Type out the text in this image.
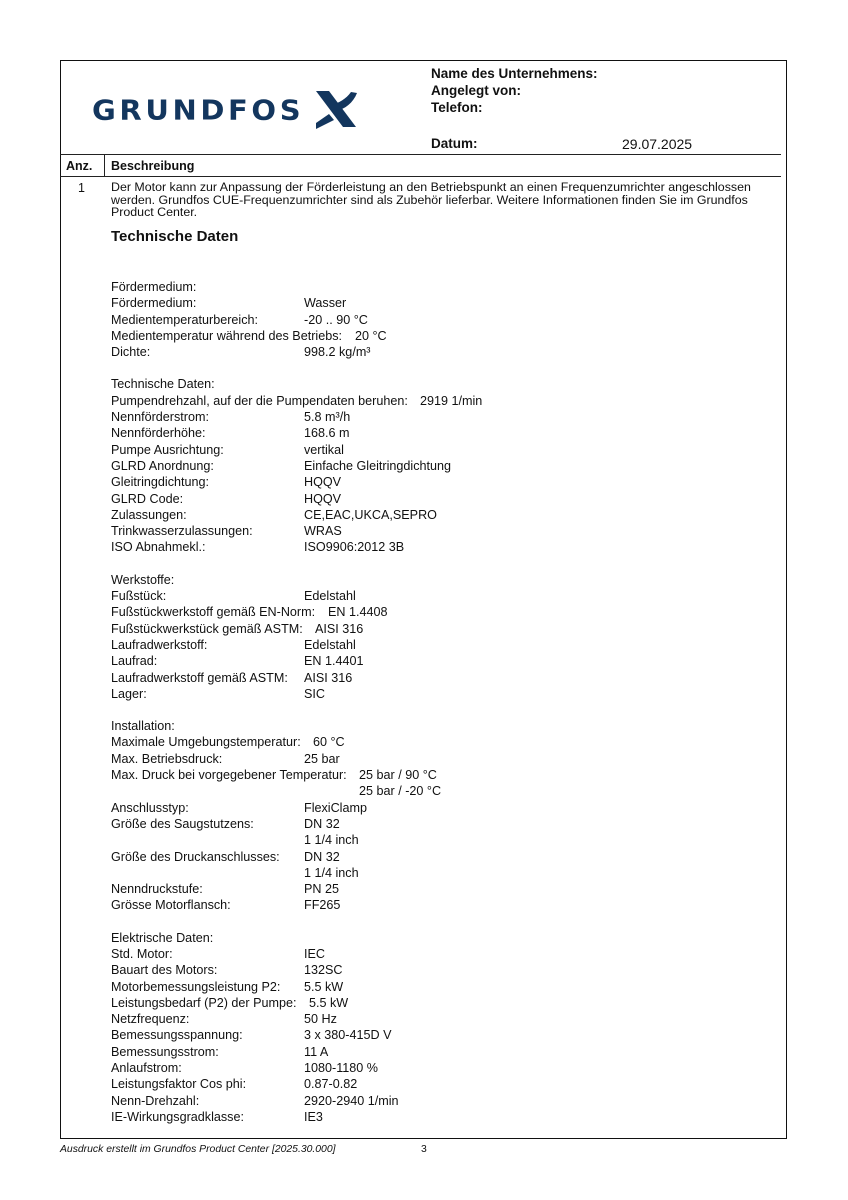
GRUNDFOS
Name des Unternehmens:
Angelegt von:
Telefon:
Datum:	29.07.2025
Anz. Beschreibung
1 Der Motor kann zur Anpassung der Förderleistung an den Betriebspunkt an einen Frequenzumrichter angeschlossen werden. Grundfos CUE-Frequenzumrichter sind als Zubehör lieferbar. Weitere Informationen finden Sie im Grundfos Product Center.
Technische Daten
Fördermedium:
Fördermedium:	Wasser
Medientemperaturbereich:	-20 .. 90 °C
Medientemperatur während des Betriebs: 20 °C
Dichte:	998.2 kg/m³
Technische Daten:
Pumpendrehzahl, auf der die Pumpendaten beruhen: 2919 1/min
Nennförderstrom:	5.8 m³/h
Nennförderhöhe:	168.6 m
Pumpe Ausrichtung:	vertikal
GLRD Anordnung:	Einfache Gleitringdichtung
Gleitringdichtung:	HQQV
GLRD Code:	HQQV
Zulassungen:	CE,EAC,UKCA,SEPRO
Trinkwasserzulassungen:	WRAS
ISO Abnahmekl.:	ISO9906:2012 3B
Werkstoffe:
Fußstück:	Edelstahl
Fußstückwerkstoff gemäß EN-Norm: EN 1.4408
Fußstückwerkstück gemäß ASTM: AISI 316
Laufradwerkstoff:	Edelstahl
Laufrad:	EN 1.4401
Laufradwerkstoff gemäß ASTM: AISI 316
Lager:	SIC
Installation:
Maximale Umgebungstemperatur: 60 °C
Max. Betriebsdruck:	25 bar
Max. Druck bei vorgegebener Temperatur: 25 bar / 90 °C
25 bar / -20 °C
Anschlusstyp:	FlexiClamp
Größe des Saugstutzens:	DN 32
1 1/4 inch
Größe des Druckanschlusses: DN 32
1 1/4 inch
Nenndruckstufe:	PN 25
Grösse Motorflansch:	FF265
Elektrische Daten:
Std. Motor:	IEC
Bauart des Motors:	132SC
Motorbemessungsleistung P2: 5.5 kW
Leistungsbedarf (P2) der Pumpe: 5.5 kW
Netzfrequenz:	50 Hz
Bemessungsspannung:	3 x 380-415D V
Bemessungsstrom:	11 A
Anlaufstrom:	1080-1180 %
Leistungsfaktor Cos phi:	0.87-0.82
Nenn-Drehzahl:	2920-2940 1/min
IE-Wirkungsgradklasse:	IE3
Ausdruck erstellt im Grundfos Product Center [2025.30.000]	3
